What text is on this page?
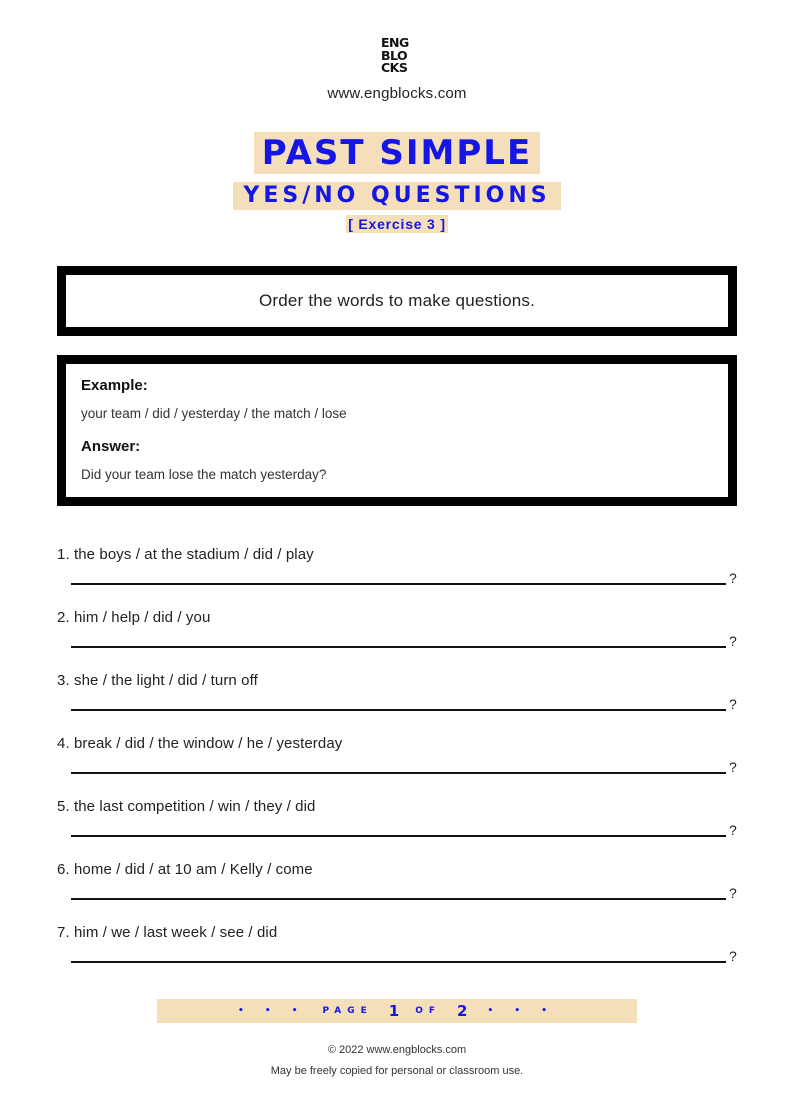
ENG
BLO
CKS
www.engblocks.com
PAST SIMPLE
YES/NO QUESTIONS
[ Exercise 3 ]
Order the words to make questions.
Example:
your team / did / yesterday / the match / lose
Answer:
Did your team lose the match yesterday?
1. the boys / at the stadium / did / play
?
2. him / help / did / you
?
3. she / the light / did / turn off
?
4. break / did / the window / he / yesterday
?
5. the last competition / win / they / did
?
6. home / did / at 10 am / Kelly / come
?
7. him / we / last week / see / did
?
• • • PAGE 1 OF 2 • • •
© 2022 www.engblocks.com
May be freely copied for personal or classroom use.
